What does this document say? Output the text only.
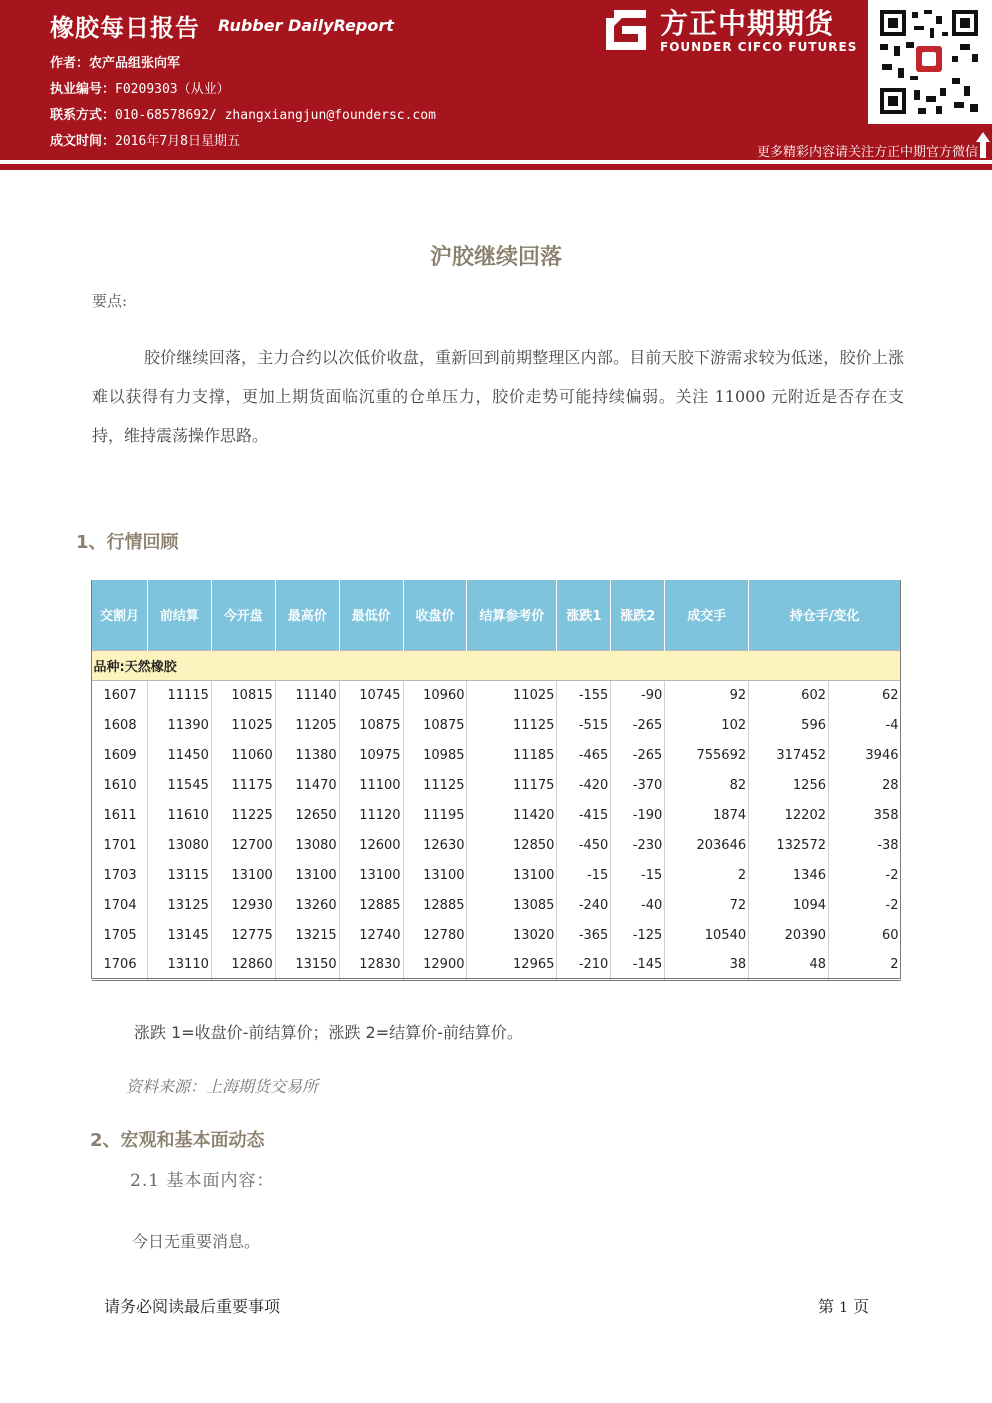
橡胶每日报告 Rubber DailyReport
作者：农产品组张向军
执业编号：F0209303（从业）
联系方式：010-68578692/ zhangxiangjun@foundersc.com
成文时间：2016年7月8日星期五
方正中期期货
FOUNDER CIFCO FUTURES
更多精彩内容请关注方正中期官方微信
沪胶继续回落
要点:
胶价继续回落，主力合约以次低价收盘，重新回到前期整理区内部。目前天胶下游需求较为低迷，胶价上涨难以获得有力支撑，更加上期货面临沉重的仓单压力，胶价走势可能持续偏弱。关注 11000 元附近是否存在支持，维持震荡操作思路。
1、行情回顾
交割月	前结算	今开盘	最高价	最低价	收盘价	结算参考价	涨跌1	涨跌2	成交手	持仓手/变化	
品种:天然橡胶											
1607	11115	10815	11140	10745	10960	11025	-155	-90	92	602	62
1608	11390	11025	11205	10875	10875	11125	-515	-265	102	596	-4
1609	11450	11060	11380	10975	10985	11185	-465	-265	755692	317452	3946
1610	11545	11175	11470	11100	11125	11175	-420	-370	82	1256	28
1611	11610	11225	12650	11120	11195	11420	-415	-190	1874	12202	358
1701	13080	12700	13080	12600	12630	12850	-450	-230	203646	132572	-38
1703	13115	13100	13100	13100	13100	13100	-15	-15	2	1346	-2
1704	13125	12930	13260	12885	12885	13085	-240	-40	72	1094	-2
1705	13145	12775	13215	12740	12780	13020	-365	-125	10540	20390	60
1706	13110	12860	13150	12830	12900	12965	-210	-145	38	48	2
涨跌 1=收盘价-前结算价；涨跌 2=结算价-前结算价。
资料来源：上海期货交易所
2、宏观和基本面动态
2.1 基本面内容：
今日无重要消息。
请务必阅读最后重要事项	第 1 页
